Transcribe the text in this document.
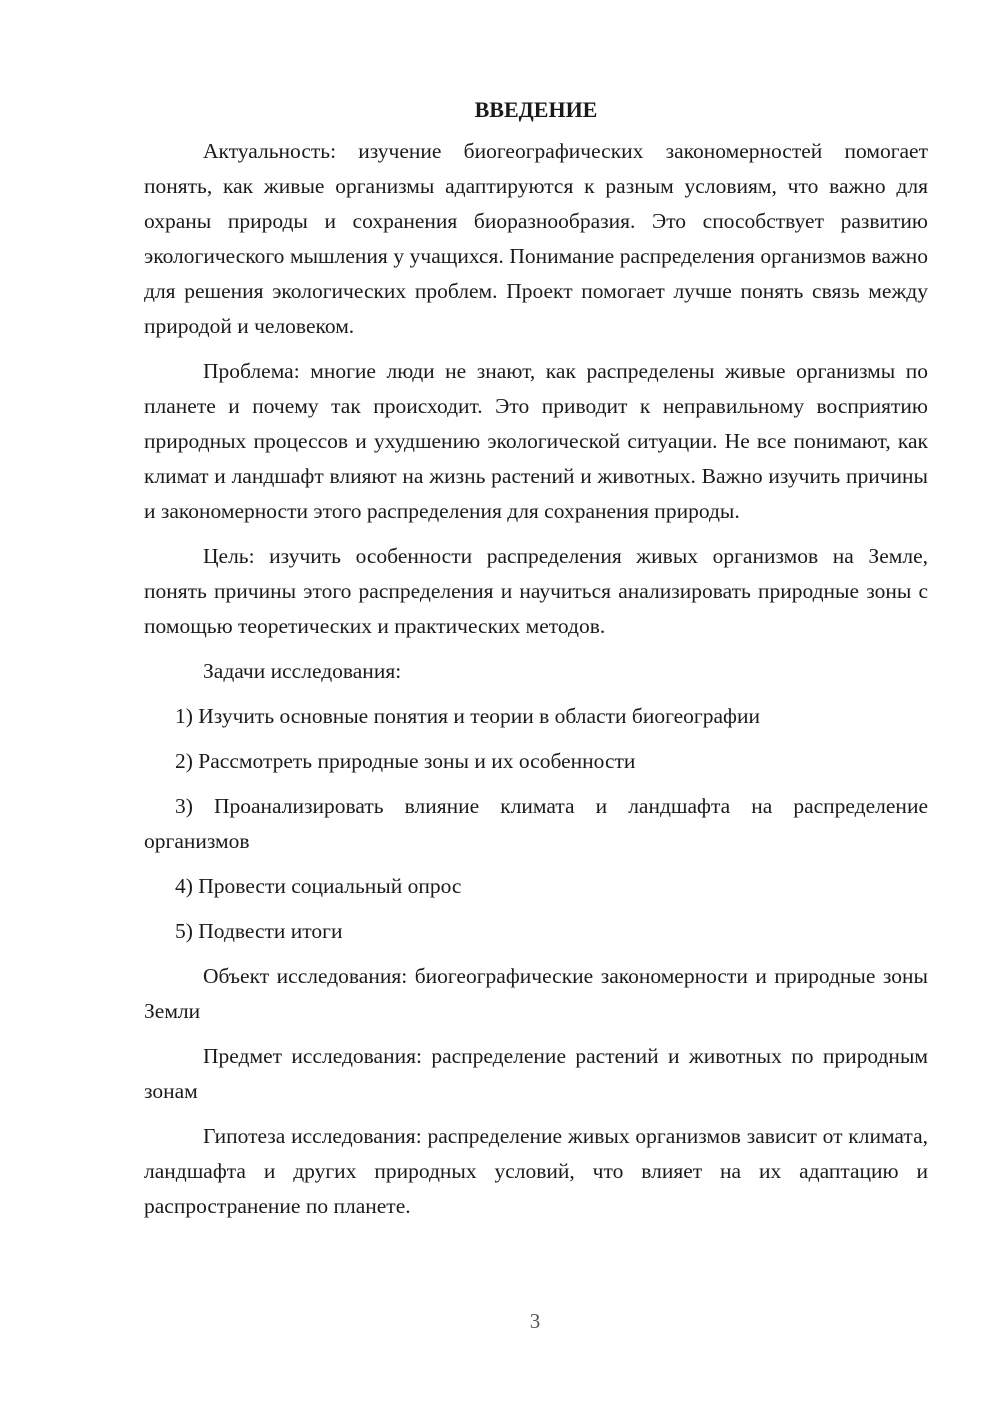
ВВЕДЕНИЕ

Актуальность: изучение биогеографических закономерностей помогает понять, как живые организмы адаптируются к разным условиям, что важно для охраны природы и сохранения биоразнообразия. Это способствует развитию экологического мышления у учащихся. Понимание распределения организмов важно для решения экологических проблем. Проект помогает лучше понять связь между природой и человеком.

Проблема: многие люди не знают, как распределены живые организмы по планете и почему так происходит. Это приводит к неправильному восприятию природных процессов и ухудшению экологической ситуации. Не все понимают, как климат и ландшафт влияют на жизнь растений и животных. Важно изучить причины и закономерности этого распределения для сохранения природы.

Цель: изучить особенности распределения живых организмов на Земле, понять причины этого распределения и научиться анализировать природные зоны с помощью теоретических и практических методов.

Задачи исследования:

1) Изучить основные понятия и теории в области биогеографии

2) Рассмотреть природные зоны и их особенности

3) Проанализировать влияние климата и ландшафта на распределение организмов

4) Провести социальный опрос

5) Подвести итоги

Объект исследования: биогеографические закономерности и природные зоны Земли

Предмет исследования: распределение растений и животных по природным зонам

Гипотеза исследования: распределение живых организмов зависит от климата, ландшафта и других природных условий, что влияет на их адаптацию и распространение по планете.

3
